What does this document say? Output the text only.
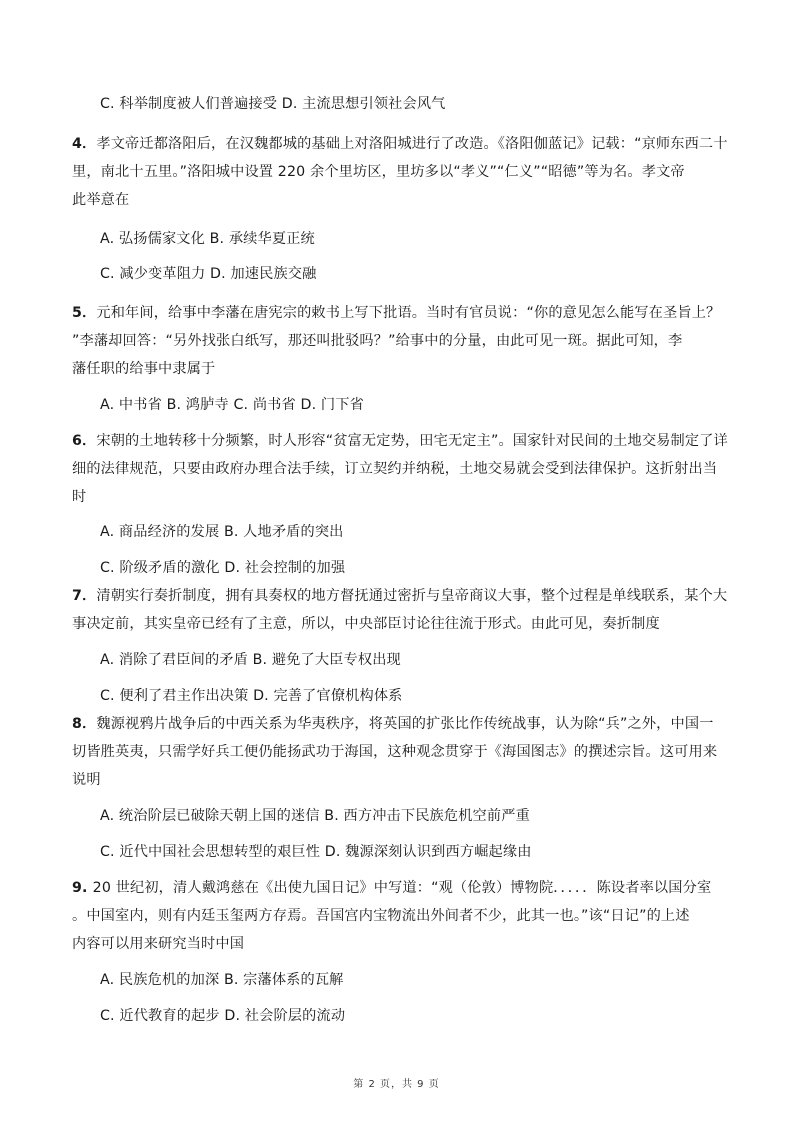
C. 科举制度被人们普遍接受 D. 主流思想引领社会风气
4．孝文帝迁都洛阳后，在汉魏都城的基础上对洛阳城进行了改造。《洛阳伽蓝记》记载：“京师东西二十
里，南北十五里。”洛阳城中设置 220 余个里坊区，里坊多以“孝义”“仁义”“昭德”等为名。孝文帝
此举意在
A. 弘扬儒家文化 B. 承续华夏正统
C. 减少变革阻力 D. 加速民族交融
5．元和年间，给事中李藩在唐宪宗的敕书上写下批语。当时有官员说：“你的意见怎么能写在圣旨上？
”李藩却回答：“另外找张白纸写，那还叫批驳吗？”给事中的分量，由此可见一斑。据此可知，李
藩任职的给事中隶属于
A. 中书省 B. 鸿胪寺 C. 尚书省 D. 门下省
6．宋朝的土地转移十分频繁，时人形容“贫富无定势，田宅无定主”。国家针对民间的土地交易制定了详
细的法律规范，只要由政府办理合法手续，订立契约并纳税，土地交易就会受到法律保护。这折射出当
时
A. 商品经济的发展 B. 人地矛盾的突出
C. 阶级矛盾的激化 D. 社会控制的加强
7．清朝实行奏折制度，拥有具奏权的地方督抚通过密折与皇帝商议大事，整个过程是单线联系，某个大
事决定前，其实皇帝已经有了主意，所以，中央部臣讨论往往流于形式。由此可见，奏折制度
A. 消除了君臣间的矛盾 B. 避免了大臣专权出现
C. 便利了君主作出决策 D. 完善了官僚机构体系
8．魏源视鸦片战争后的中西关系为华夷秩序，将英国的扩张比作传统战事，认为除“兵”之外，中国一
切皆胜英夷，只需学好兵工便仍能扬武功于海国，这种观念贯穿于《海国图志》的撰述宗旨。这可用来
说明
A. 统治阶层已破除天朝上国的迷信 B. 西方冲击下民族危机空前严重
C. 近代中国社会思想转型的艰巨性 D. 魏源深刻认识到西方崛起缘由
9. 20 世纪初，清人戴鸿慈在《出使九国日记》中写道：“观（伦敦）博物院．．．．．陈设者率以国分室
。中国室内，则有内廷玉玺两方存焉。吾国宫内宝物流出外间者不少，此其一也。”该“日记”的上述
内容可以用来研究当时中国
A. 民族危机的加深 B. 宗藩体系的瓦解
C. 近代教育的起步 D. 社会阶层的流动
第 2 页，共 9 页
